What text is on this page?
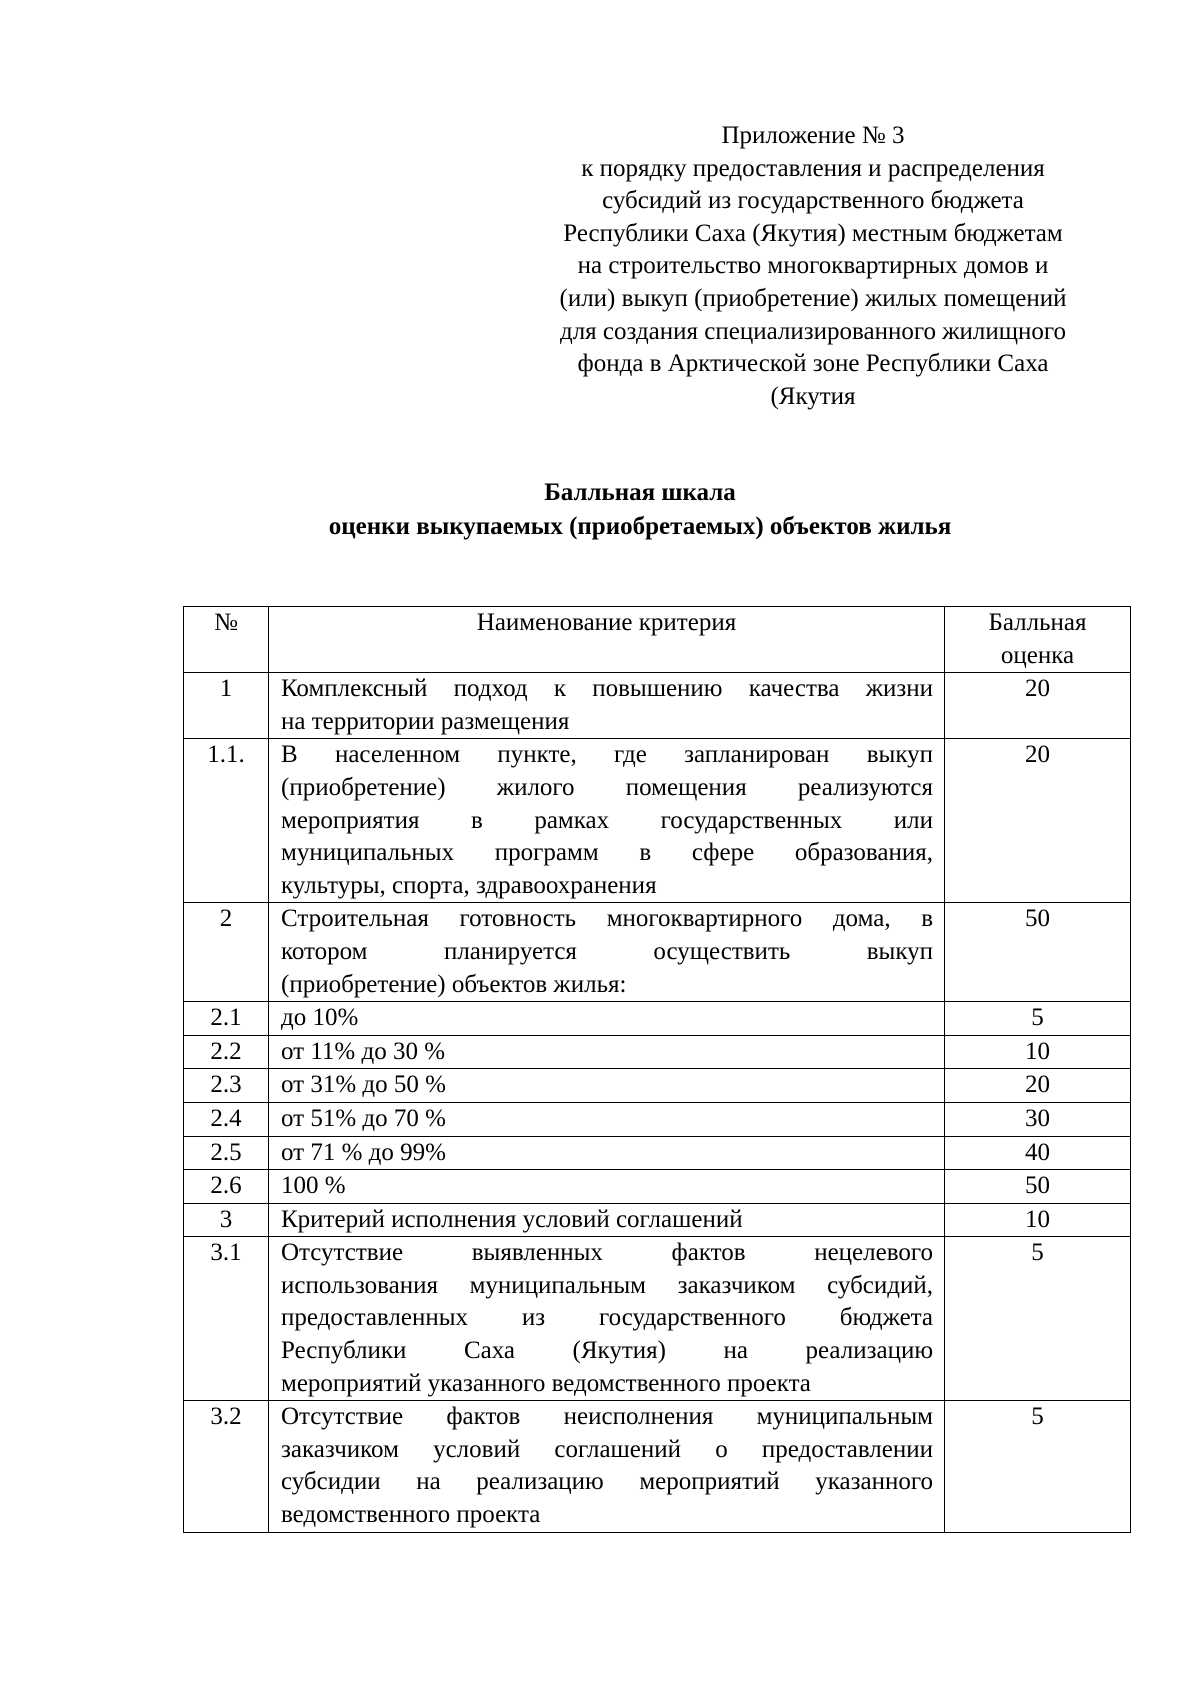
Приложение № 3
к порядку предоставления и распределения
субсидий из государственного бюджета
Республики Саха (Якутия) местным бюджетам
на строительство многоквартирных домов и
(или) выкуп (приобретение) жилых помещений
для создания специализированного жилищного
фонда в Арктической зоне Республики Саха
(Якутия
Балльная шкала
оценки выкупаемых (приобретаемых) объектов жилья
№	Наименование критерия	Балльная оценка
1	Комплексный подход к повышению качества жизни
на территории размещения	20
1.1.	В населенном пункте, где запланирован выкуп
(приобретение) жилого помещения реализуются
мероприятия в рамках государственных или
муниципальных программ в сфере образования,
культуры, спорта, здравоохранения	20
2	Строительная готовность многоквартирного дома, в
котором планируется осуществить выкуп
(приобретение) объектов жилья:	50
2.1	до 10%	5
2.2	от 11% до 30 %	10
2.3	от 31% до 50 %	20
2.4	от 51% до 70 %	30
2.5	от 71 % до 99%	40
2.6	100 %	50
3	Критерий исполнения условий соглашений	10
3.1	Отсутствие выявленных фактов нецелевого
использования муниципальным заказчиком субсидий,
предоставленных из государственного бюджета
Республики Саха (Якутия) на реализацию
мероприятий указанного ведомственного проекта	5
3.2	Отсутствие фактов неисполнения муниципальным
заказчиком условий соглашений о предоставлении
субсидии на реализацию мероприятий указанного
ведомственного проекта	5
